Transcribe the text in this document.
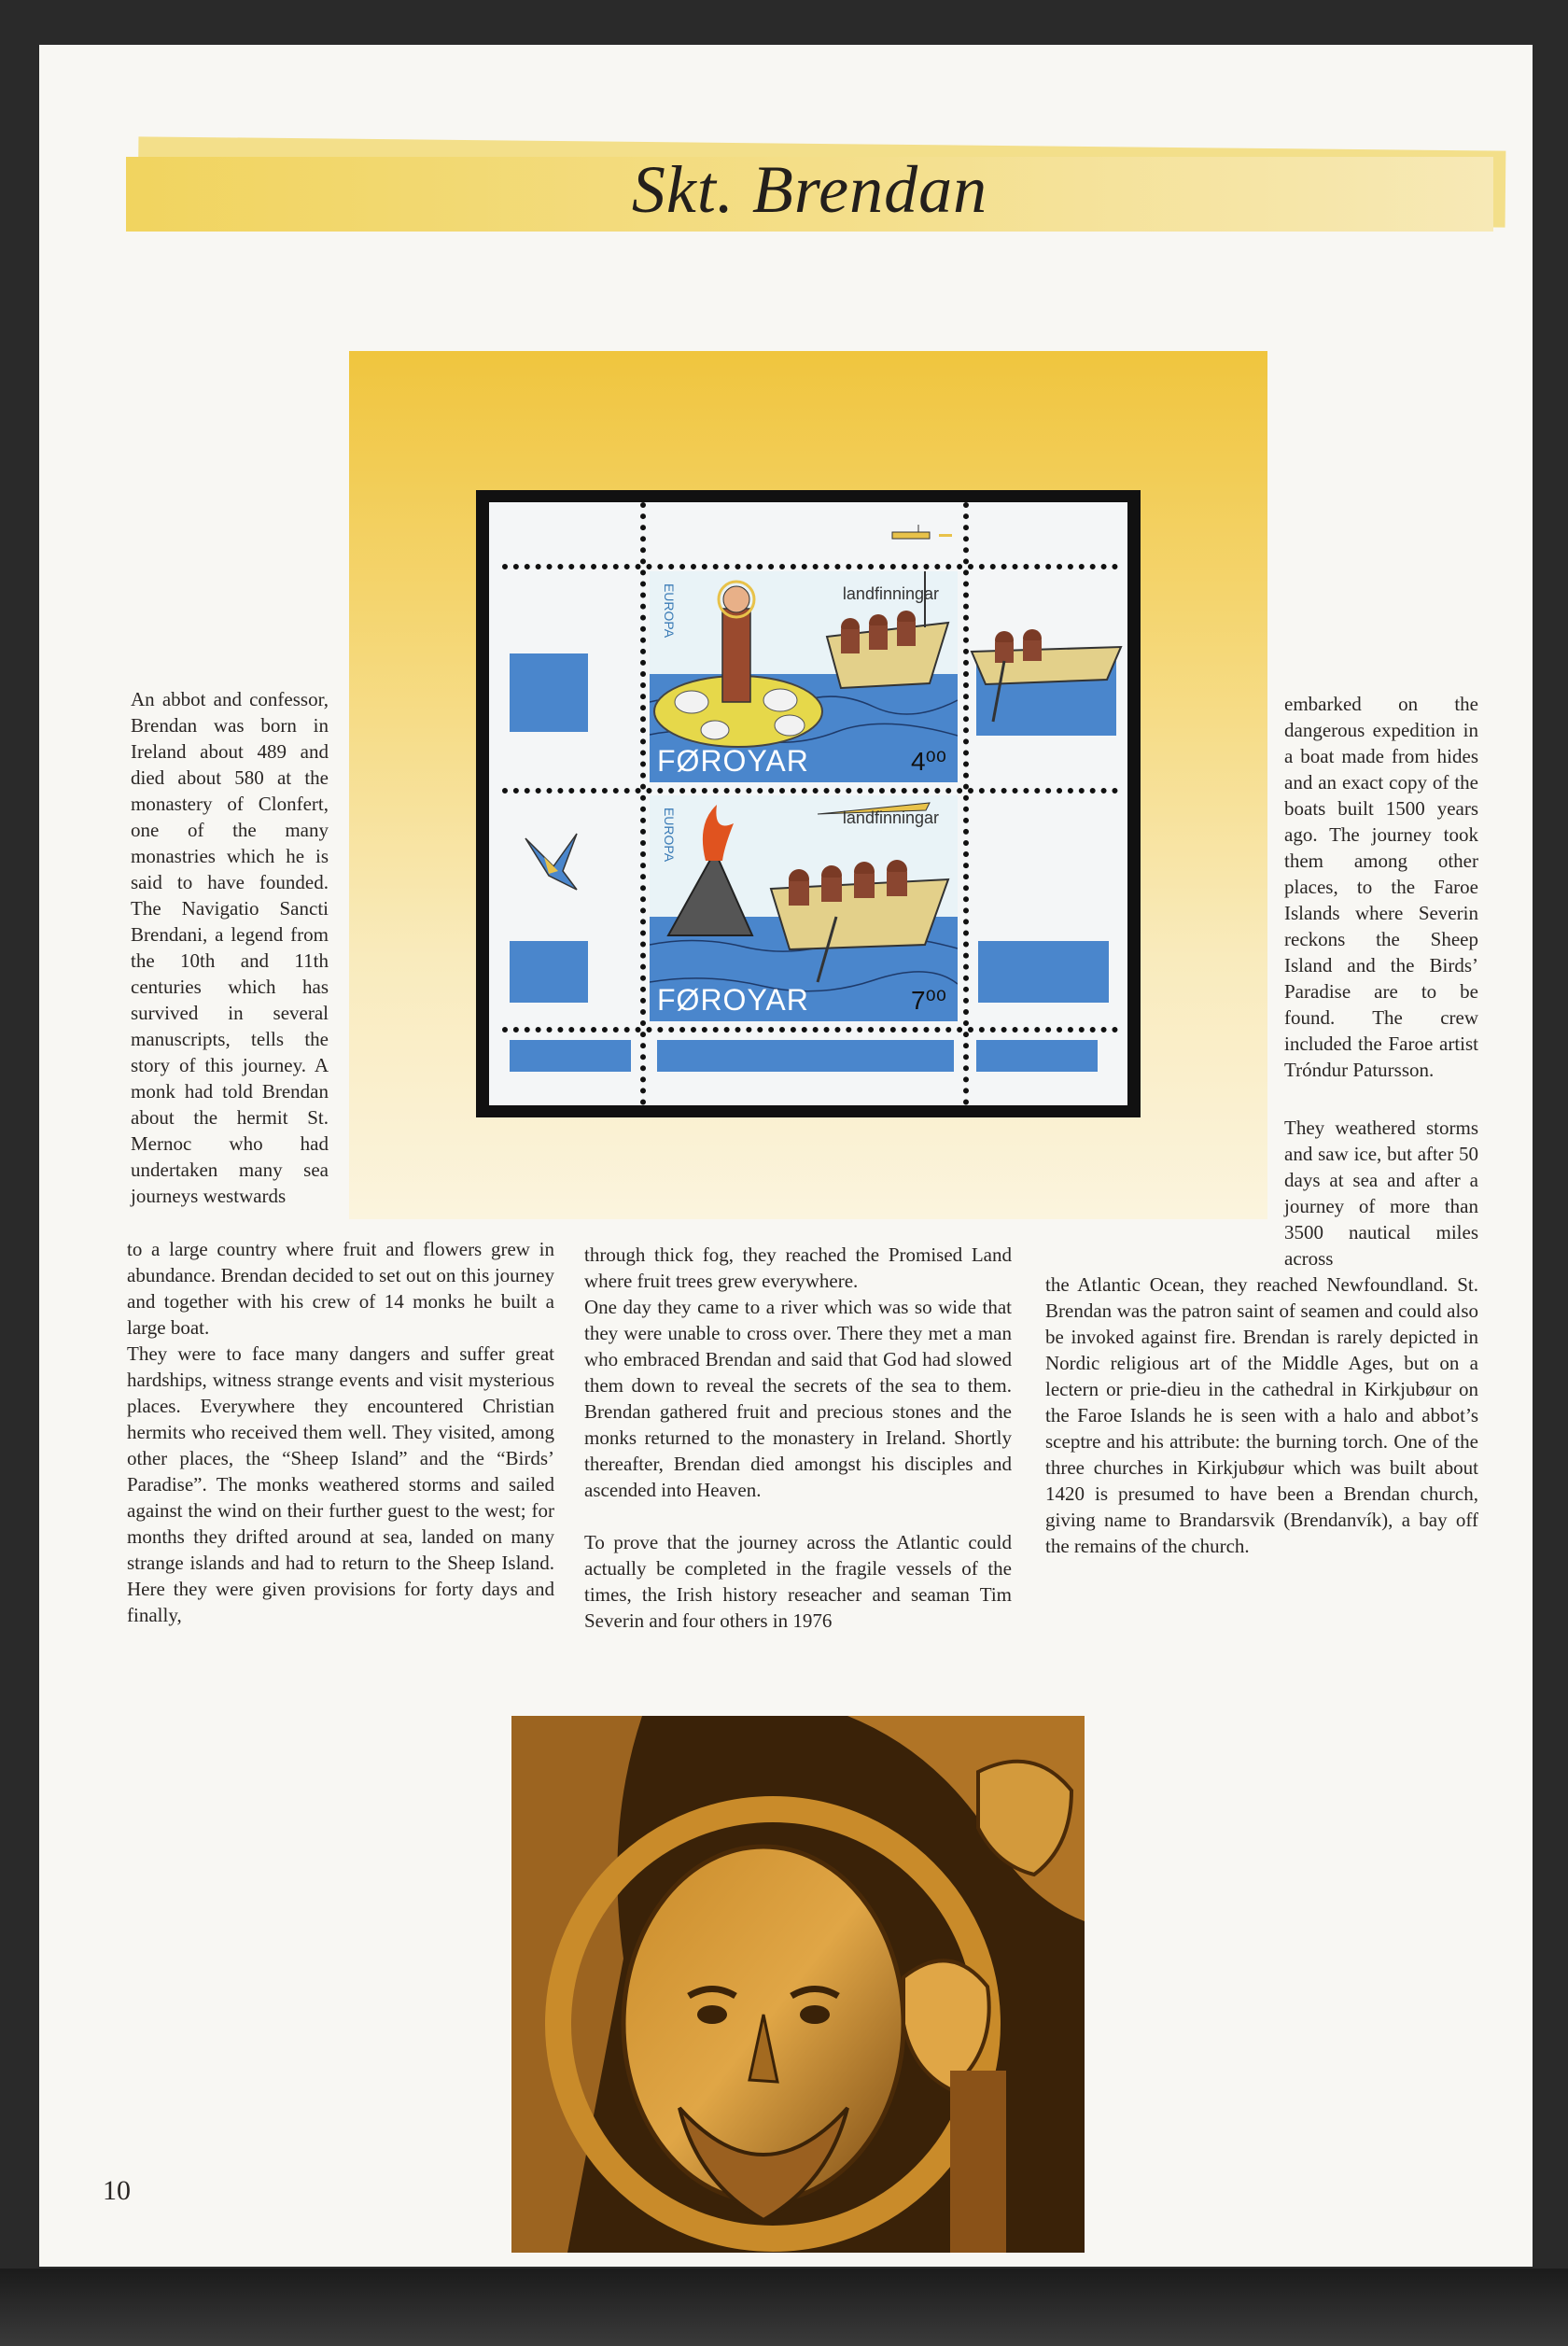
Skt. Brendan
EUROPA	landfinningar
FØROYAR	4⁰⁰
EUROPA	landfinningar
FØROYAR	7⁰⁰
An abbot and confessor, Brendan was born in Ireland about 489 and died about 580 at the monastery of Clonfert, one of the many monastries which he is said to have founded. The Navigatio Sancti Brendani, a legend from the 10th and 11th centuries which has survived in several manuscripts, tells the story of this journey. A monk had told Brendan about the hermit St. Mernoc who had undertaken many sea journeys westwards
to a large country where fruit and flowers grew in abundance. Brendan decided to set out on this journey and together with his crew of 14 monks he built a large boat.
They were to face many dangers and suffer great hardships, witness strange events and visit mysterious places. Everywhere they encountered Christian hermits who received them well. They visited, among other places, the “Sheep Island” and the “Birds’ Paradise”. The monks weathered storms and sailed against the wind on their further guest to the west; for months they drifted around at sea, landed on many strange islands and had to return to the Sheep Island. Here they were given provisions for forty days and finally,
through thick fog, they reached the Promised Land where fruit trees grew everywhere.
One day they came to a river which was so wide that they were unable to cross over. There they met a man who embraced Brendan and said that God had slowed them down to reveal the secrets of the sea to them. Brendan gathered fruit and precious stones and the monks returned to the monastery in Ireland. Shortly thereafter, Brendan died amongst his disciples and ascended into Heaven.
To prove that the journey across the Atlantic could actually be completed in the fragile vessels of the times, the Irish history reseacher and seaman Tim Severin and four others in 1976
embarked on the dangerous expedition in a boat made from hides and an exact copy of the boats built 1500 years ago. The journey took them among other places, to the Faroe Islands where Severin reckons the Sheep Island and the Birds’ Paradise are to be found. The crew included the Faroe artist Tróndur Patursson.
They weathered storms and saw ice, but after 50 days at sea and after a journey of more than 3500 nautical miles across
the Atlantic Ocean, they reached Newfoundland. St. Brendan was the patron saint of seamen and could also be invoked against fire. Brendan is rarely depicted in Nordic religious art of the Middle Ages, but on a lectern or prie-dieu in the cathedral in Kirkjubøur on the Faroe Islands he is seen with a halo and abbot’s sceptre and his attribute: the burning torch. One of the three churches in Kirkjubøur which was built about 1420 is presumed to have been a Brendan church, giving name to Brandarsvik (Brendanvík), a bay off the remains of the church.
10
